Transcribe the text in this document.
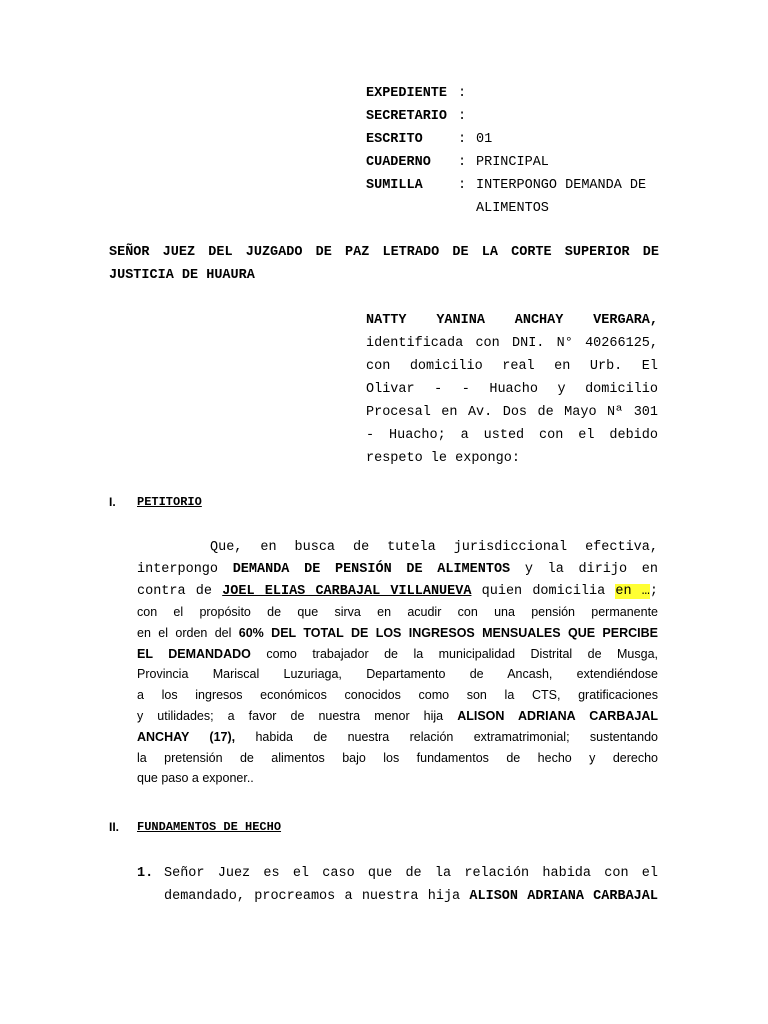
EXPEDIENTE :
SECRETARIO :
ESCRITO	: 01
CUADERNO	: PRINCIPAL
SUMILLA	: INTERPONGO DEMANDA DE
ALIMENTOS
SEÑOR JUEZ DEL JUZGADO DE PAZ LETRADO DE LA CORTE SUPERIOR DE
JUSTICIA DE HUAURA
NATTY YANINA ANCHAY VERGARA,
identificada con DNI. N° 40266125,
con domicilio real en Urb. El
Olivar - - Huacho y domicilio
Procesal en Av. Dos de Mayo Nª 301
- Huacho; a usted con el debido
respeto le expongo:
I. PETITORIO
Que, en busca de tutela jurisdiccional efectiva,
interpongo DEMANDA DE PENSIÓN DE ALIMENTOS y la dirijo en
contra de JOEL ELIAS CARBAJAL VILLANUEVA quien domicilia en …;
con el propósito de que sirva en acudir con una pensión permanente
en el orden del 60% DEL TOTAL DE LOS INGRESOS MENSUALES QUE PERCIBE
EL DEMANDADO como trabajador de la municipalidad Distrital de Musga,
Provincia Mariscal Luzuriaga, Departamento de Ancash, extendiéndose
a los ingresos económicos conocidos como son la CTS, gratificaciones
y utilidades; a favor de nuestra menor hija ALISON ADRIANA CARBAJAL
ANCHAY (17), habida de nuestra relación extramatrimonial; sustentando
la pretensión de alimentos bajo los fundamentos de hecho y derecho
que paso a exponer..
II. FUNDAMENTOS DE HECHO
1. Señor Juez es el caso que de la relación habida con el
demandado, procreamos a nuestra hija ALISON ADRIANA CARBAJAL
